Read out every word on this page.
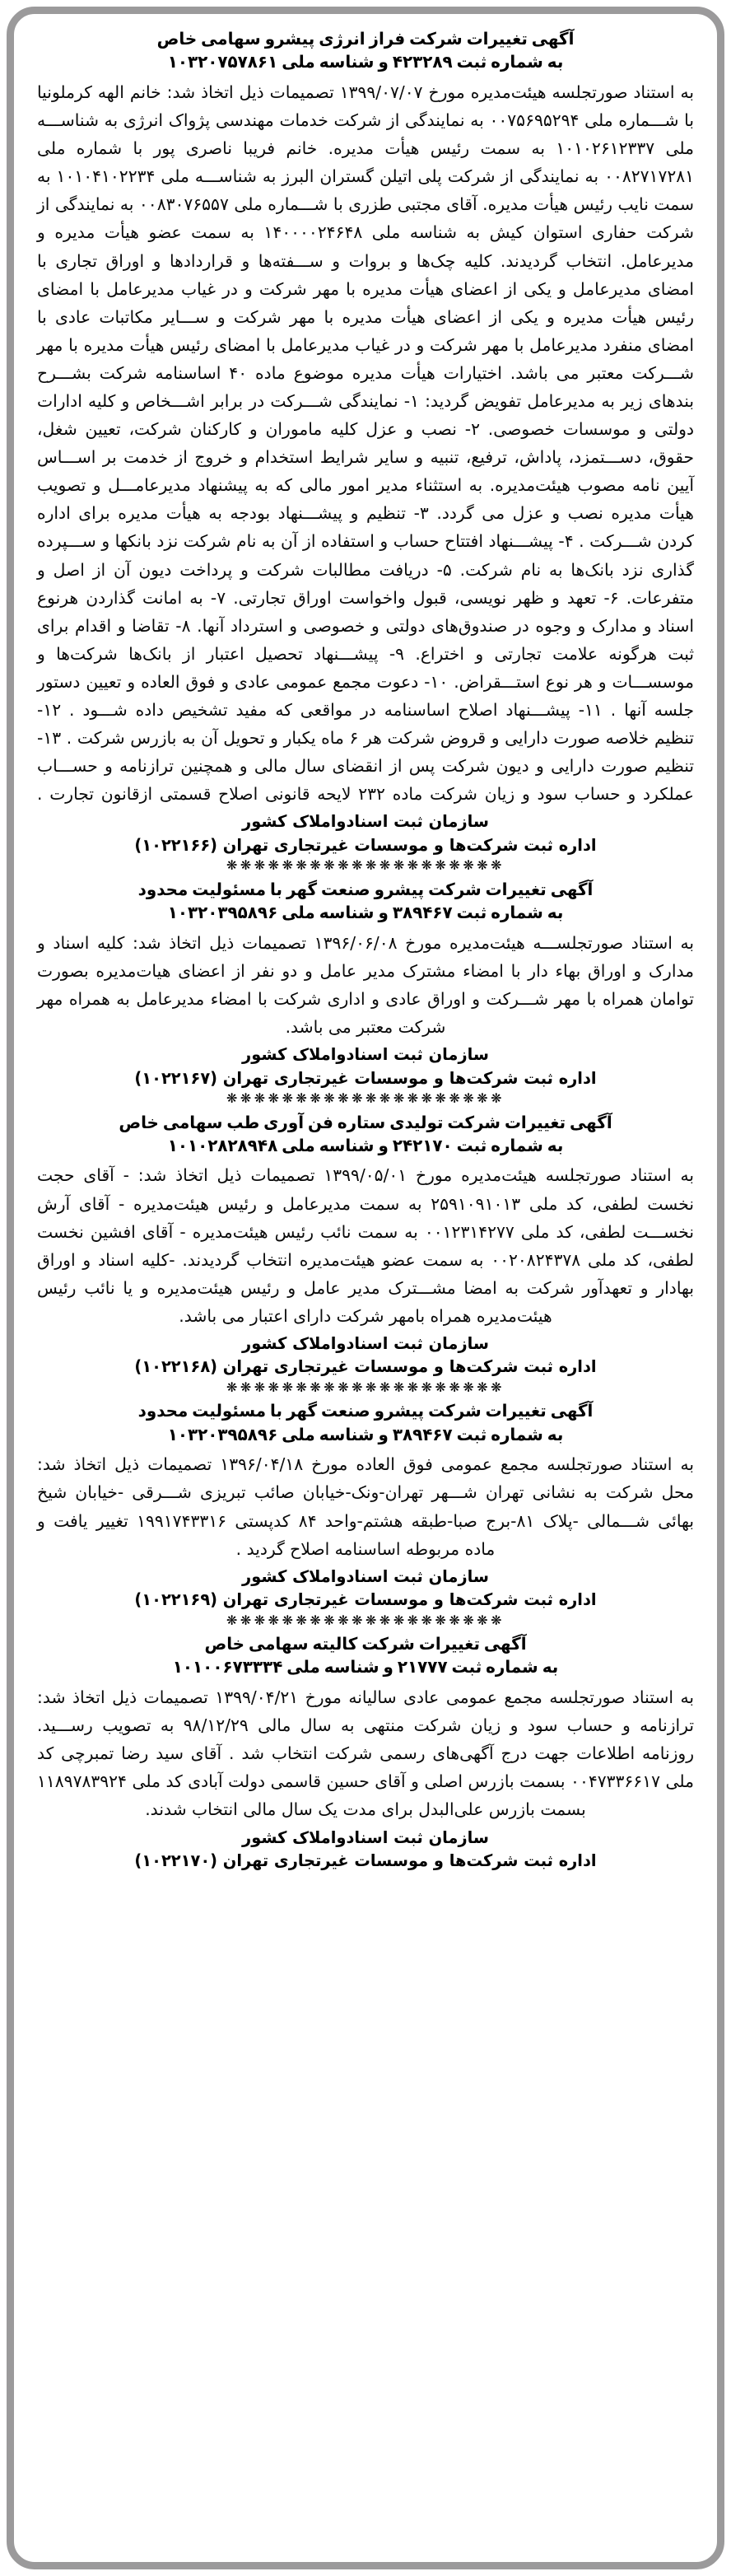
آگهی تغییرات شرکت فراز انرژی پیشرو سهامی خاص
به شماره ثبت ۴۲۳۲۸۹ و شناسه ملی ۱۰۳۲۰۷۵۷۸۶۱
به استناد صورتجلسه هیئت‌مدیره مورخ ۱۳۹۹/۰۷/۰۷ تصمیمات ذیل اتخاذ شد: خانم الهه کرملونیا با شـــماره ملی ۰۰۷۵۶۹۵۲۹۴ به نمایندگی از شرکت خدمات مهندسی پژواک انرژی به شناســـه ملی ۱۰۱۰۲۶۱۲۳۳۷ به سمت رئیس هیأت مدیره. خانم فریبا ناصری پور با شماره ملی ۰۰۸۲۷۱۷۲۸۱ به نمایندگی از شرکت پلی اتیلن گستران البرز به شناســـه ملی ۱۰۱۰۴۱۰۲۲۳۴ به سمت نایب رئیس هیأت مدیره. آقای مجتبی طزری با شـــماره ملی ۰۰۸۳۰۷۶۵۵۷ به نمایندگی از شرکت حفاری استوان کیش به شناسه ملی ۱۴۰۰۰۰۲۴۶۴۸ به سمت عضو هیأت مدیره و مدیرعامل. انتخاب گردیدند. کلیه چک‌ها و بروات و ســـفته‌ها و قراردادها و اوراق تجاری با امضای مدیرعامل و یکی از اعضای هیأت مدیره با مهر شرکت و در غیاب مدیرعامل با امضای رئیس هیأت مدیره و یکی از اعضای هیأت مدیره با مهر شرکت و ســـایر مکاتبات عادی با امضای منفرد مدیرعامل با مهر شرکت و در غیاب مدیرعامل با امضای رئیس هیأت مدیره با مهر شـــرکت معتبر می باشد. اختیارات هیأت مدیره موضوع ماده ۴۰ اساسنامه شرکت بشـــرح بندهای زیر به مدیرعامل تفویض گردید: ۱- نمایندگی شـــرکت در برابر اشـــخاص و کلیه ادارات دولتی و موسسات خصوصی. ۲- نصب و عزل کلیه ماموران و کارکنان شرکت، تعیین شغل، حقوق، دســـتمزد، پاداش، ترفیع، تنبیه و سایر شرایط استخدام و خروج از خدمت بر اســـاس آیین نامه مصوب هیئت‌مدیره. به استثناء مدیر امور مالی که به پیشنهاد مدیرعامـــل و تصویب هیأت مدیره نصب و عزل می گردد. ۳- تنظیم و پیشـــنهاد بودجه به هیأت مدیره برای اداره کردن شـــرکت . ۴- پیشـــنهاد افتتاح حساب و استفاده از آن به نام شرکت نزد بانکها و ســـپرده گذاری نزد بانک‌ها به نام شرکت. ۵- دریافت مطالبات شرکت و پرداخت دیون آن از اصل و متفرعات. ۶- تعهد و ظهر نویسی، قبول واخواست اوراق تجارتی. ۷- به امانت گذاردن هرنوع اسناد و مدارک و وجوه در صندوق‌های دولتی و خصوصی و استرداد آنها. ۸- تقاضا و اقدام برای ثبت هرگونه علامت تجارتی و اختراع. ۹- پیشـــنهاد تحصیل اعتبار از بانک‌ها شرکت‌ها و موسســـات و هر نوع استـــقراض. ۱۰- دعوت مجمع عمومی عادی و فوق العاده و تعیین دستور جلسه آنها . ۱۱- پیشـــنهاد اصلاح اساسنامه در مواقعی که مفید تشخیص داده شـــود . ۱۲- تنظیم خلاصه صورت دارایی و قروض شرکت هر ۶ ماه یکبار و تحویل آن به بازرس شرکت . ۱۳- تنظیم صورت دارایی و دیون شرکت پس از انقضای سال مالی و همچنین ترازنامه و حســـاب عملکرد و حساب سود و زیان شرکت ماده ۲۳۲ لایحه قانونی اصلاح قسمتی ازقانون تجارت .
سازمان ثبت اسنادواملاک کشور
اداره ثبت شرکت‌ها و موسسات غیرتجاری تهران (۱۰۲۲۱۶۶)
❋❋❋❋❋❋❋❋❋❋❋❋❋❋❋❋❋❋❋❋
آگهی تغییرات شرکت پیشرو صنعت گهر با مسئولیت محدود
به شماره ثبت ۳۸۹۴۶۷ و شناسه ملی ۱۰۳۲۰۳۹۵۸۹۶
به استناد صورتجلســـه هیئت‌مدیره مورخ ۱۳۹۶/۰۶/۰۸ تصمیمات ذیل اتخاذ شد: کلیه اسناد و مدارک و اوراق بهاء دار با امضاء مشترک مدیر عامل و دو نفر از اعضای هیات‌مدیره بصورت توامان همراه با مهر شـــرکت و اوراق عادی و اداری شرکت با امضاء مدیرعامل به همراه مهر شرکت معتبر می باشد.
سازمان ثبت اسنادواملاک کشور
اداره ثبت شرکت‌ها و موسسات غیرتجاری تهران (۱۰۲۲۱۶۷)
❋❋❋❋❋❋❋❋❋❋❋❋❋❋❋❋❋❋❋❋
آگهی تغییرات شرکت تولیدی ستاره فن آوری طب سهامی خاص
به شماره ثبت ۲۴۲۱۷۰ و شناسه ملی ۱۰۱۰۲۸۲۸۹۴۸
به استناد صورتجلسه هیئت‌مدیره مورخ ۱۳۹۹/۰۵/۰۱ تصمیمات ذیل اتخاذ شد: - آقای حجت نخست لطفی، کد ملی ۲۵۹۱۰۹۱۰۱۳ به سمت مدیرعامل و رئیس هیئت‌مدیره - آقای آرش نخســـت لطفی، کد ملی ۰۰۱۲۳۱۴۲۷۷ به سمت نائب رئیس هیئت‌مدیره - آقای افشین نخست لطفی، کد ملی ۰۰۲۰۸۲۴۳۷۸ به سمت عضو هیئت‌مدیره انتخاب گردیدند. -کلیه اسناد و اوراق بهادار و تعهدآور شرکت به امضا مشـــترک مدیر عامل و رئیس هیئت‌مدیره و یا نائب رئیس هیئت‌مدیره همراه بامهر شرکت دارای اعتبار می باشد.
سازمان ثبت اسنادواملاک کشور
اداره ثبت شرکت‌ها و موسسات غیرتجاری تهران (۱۰۲۲۱۶۸)
❋❋❋❋❋❋❋❋❋❋❋❋❋❋❋❋❋❋❋❋
آگهی تغییرات شرکت پیشرو صنعت گهر با مسئولیت محدود
به شماره ثبت ۳۸۹۴۶۷ و شناسه ملی ۱۰۳۲۰۳۹۵۸۹۶
به استناد صورتجلسه مجمع عمومی فوق العاده مورخ ۱۳۹۶/۰۴/۱۸ تصمیمات ذیل اتخاذ شد: محل شرکت به نشانی تهران شـــهر تهران-ونک-خیابان صائب تبریزی شـــرقی -خیابان شیخ بهائی شـــمالی -پلاک ۸۱-برج صبا-طبقه هشتم-واحد ۸۴ کدپستی ۱۹۹۱۷۴۳۳۱۶ تغییر یافت و ماده مربوطه اساسنامه اصلاح گردید .
سازمان ثبت اسنادواملاک کشور
اداره ثبت شرکت‌ها و موسسات غیرتجاری تهران (۱۰۲۲۱۶۹)
❋❋❋❋❋❋❋❋❋❋❋❋❋❋❋❋❋❋❋❋
آگهی تغییرات شرکت کالیته سهامی خاص
به شماره ثبت ۲۱۷۷۷ و شناسه ملی ۱۰۱۰۰۶۷۳۳۳۴
به استناد صورتجلسه مجمع عمومی عادی سالیانه مورخ ۱۳۹۹/۰۴/۲۱ تصمیمات ذیل اتخاذ شد: ترازنامه و حساب سود و زیان شرکت منتهی به سال مالی ۹۸/۱۲/۲۹ به تصویب رســـید. روزنامه اطلاعات جهت درج آگهی‌های رسمی شرکت انتخاب شد . آقای سید رضا تمبرچی کد ملی ۰۰۴۷۳۳۶۶۱۷ بسمت بازرس اصلی و آقای حسین قاسمی دولت آبادی کد ملی ۱۱۸۹۷۸۳۹۲۴ بسمت بازرس علی‌البدل برای مدت یک سال مالی انتخاب شدند.
سازمان ثبت اسنادواملاک کشور
اداره ثبت شرکت‌ها و موسسات غیرتجاری تهران (۱۰۲۲۱۷۰)
